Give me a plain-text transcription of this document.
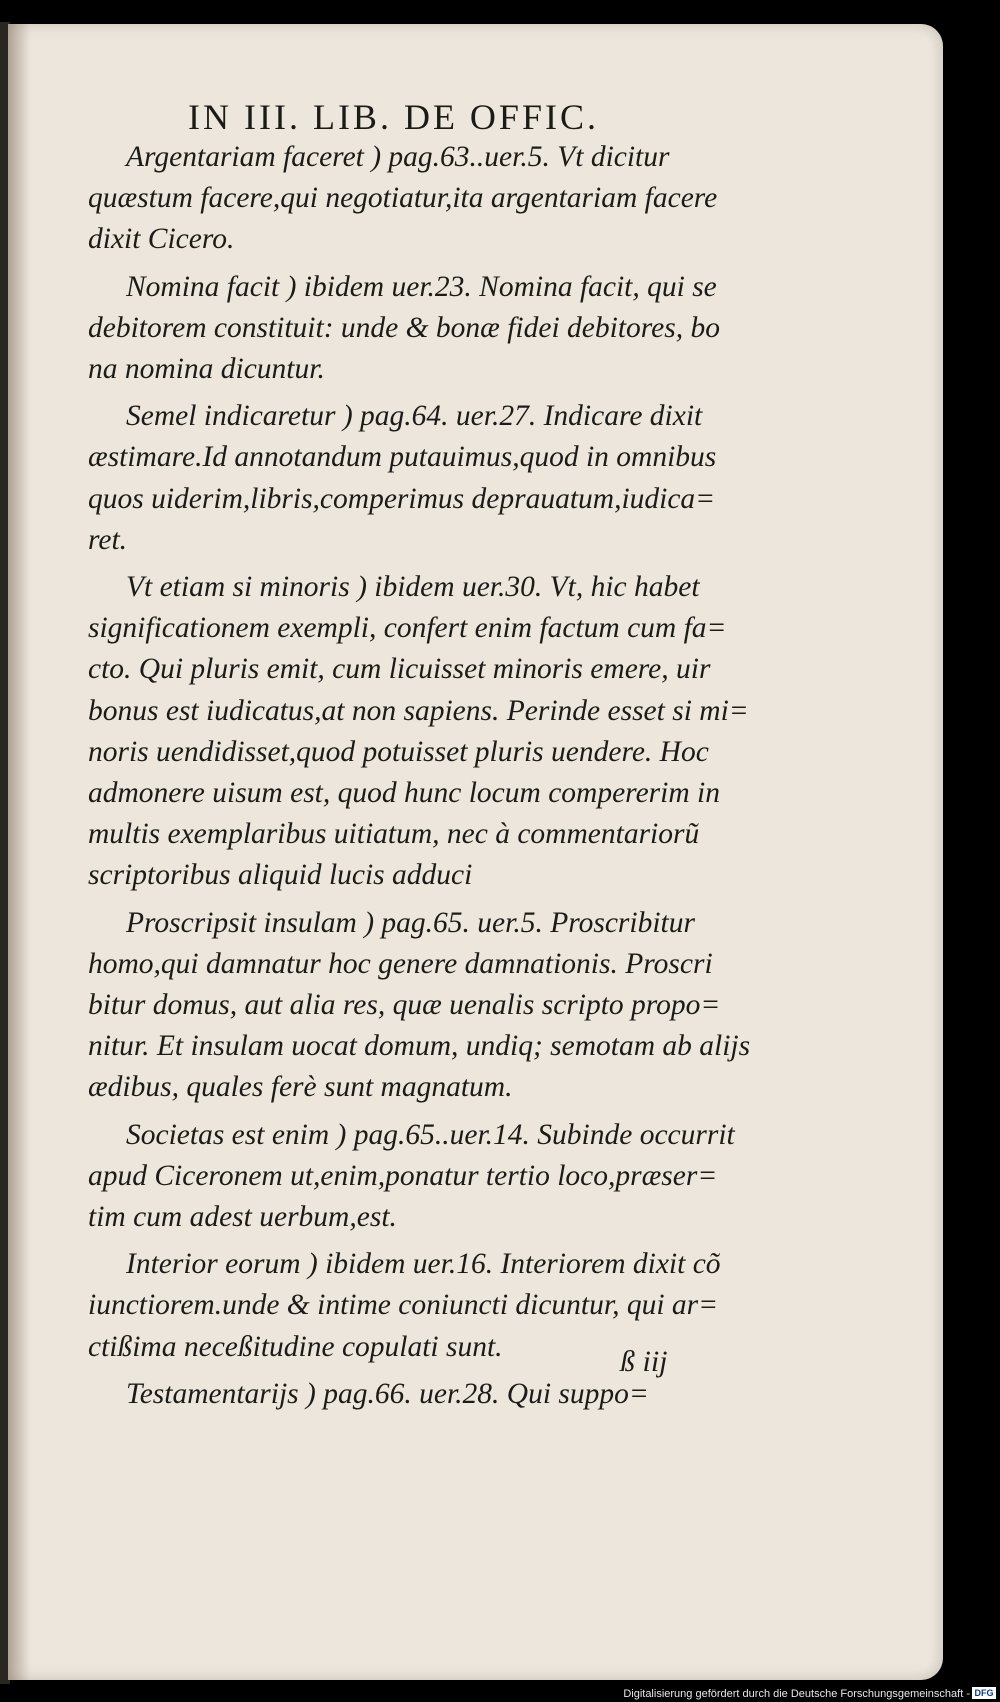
IN III. LIB. DE OFFIC.

Argentariam faceret ) pag.63..uer.5. Vt dicitur quæstum facere,qui negotiatur,ita argentariam facere dixit Cicero.

Nomina facit ) ibidem uer.23. Nomina facit, qui se debitorem constituit: unde & bonæ fidei debitores, bo na nomina dicuntur.

Semel indicaretur ) pag.64. uer.27. Indicare dixit æstimare.Id annotandum putauimus,quod in omnibus quos uiderim,libris,comperimus deprauatum,iudica= ret.

Vt etiam si minoris ) ibidem uer.30. Vt, hic habet significationem exempli, confert enim factum cum fa= cto. Qui pluris emit, cum licuisset minoris emere, uir bonus est iudicatus,at non sapiens. Perinde esset si mi= noris uendidisset,quod potuisset pluris uendere. Hoc admonere uisum est, quod hunc locum compererim in multis exemplaribus uitiatum, nec à commentariorũ scriptoribus aliquid lucis adduci

Proscripsit insulam ) pag.65. uer.5. Proscribitur homo,qui damnatur hoc genere damnationis. Proscri bitur domus, aut alia res, quæ uenalis scripto propo= nitur. Et insulam uocat domum, undiq; semotam ab alijs ædibus, quales ferè sunt magnatum.

Societas est enim ) pag.65..uer.14. Subinde occurrit apud Ciceronem ut,enim,ponatur tertio loco,præser= tim cum adest uerbum,est.

Interior eorum ) ibidem uer.16. Interiorem dixit cõ iunctiorem.unde & intime coniuncti dicuntur, qui ar= ctißima neceßitudine copulati sunt.

Testamentarijs ) pag.66. uer.28. Qui suppo=

ß iij
Digitalisierung gefördert durch die Deutsche Forschungsgemeinschaft - DFG
